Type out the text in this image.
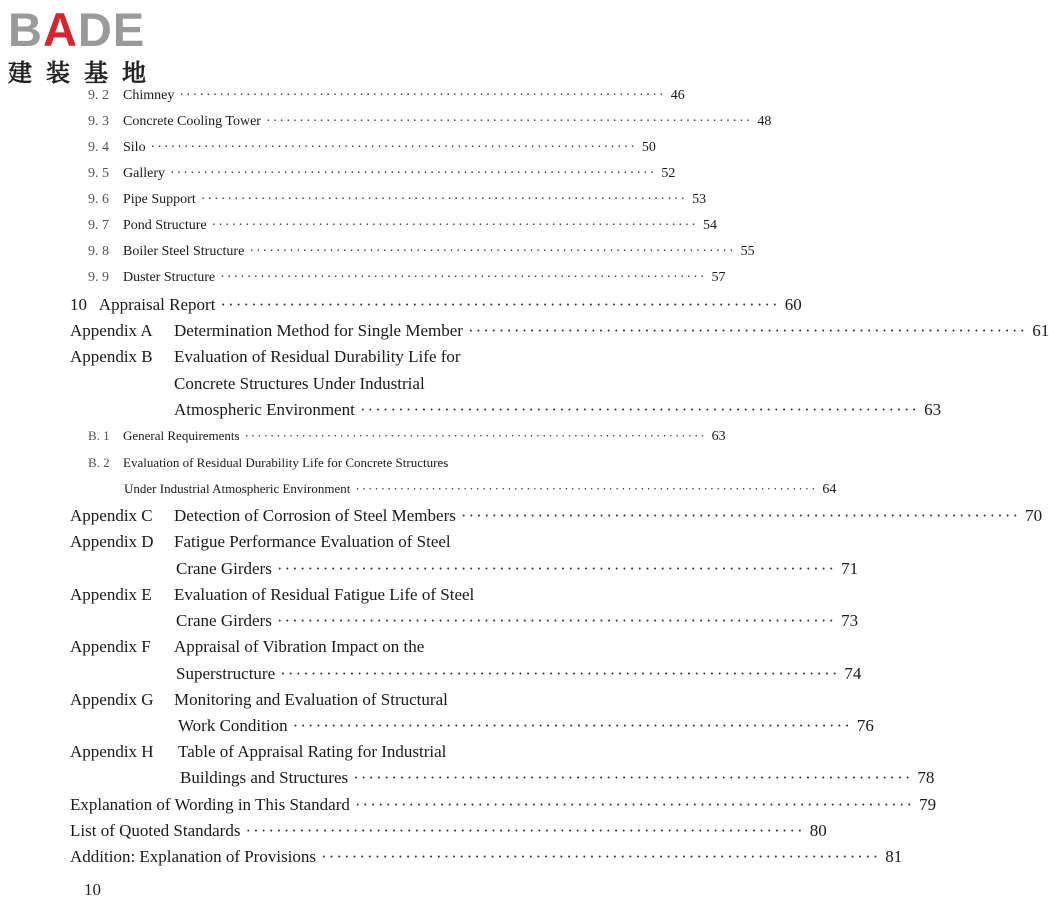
BADE
建装基地
9. 2	Chimney ········································································· 46
9. 3	Concrete Cooling Tower ········································································· 48
9. 4	Silo ········································································· 50
9. 5	Gallery ········································································· 52
9. 6	Pipe Support ········································································· 53
9. 7	Pond Structure ········································································· 54
9. 8	Boiler Steel Structure ········································································· 55
9. 9	Duster Structure ········································································· 57
10   Appraisal Report ········································································· 60
Appendix A	Determination Method for Single Member ········································································· 61
Appendix B	Evaluation of Residual Durability Life for
Concrete Structures Under Industrial
Atmospheric Environment ········································································· 63
B. 1	General Requirements ········································································· 63
B. 2	Evaluation of Residual Durability Life for Concrete Structures
Under Industrial Atmospheric Environment ········································································· 64
Appendix C	Detection of Corrosion of Steel Members ········································································· 70
Appendix D	Fatigue Performance Evaluation of Steel
Crane Girders ········································································· 71
Appendix E	Evaluation of Residual Fatigue Life of Steel
Crane Girders ········································································· 73
Appendix F	Appraisal of Vibration Impact on the
Superstructure ········································································· 74
Appendix G	Monitoring and Evaluation of Structural
Work Condition ········································································· 76
Appendix H	Table of Appraisal Rating for Industrial
Buildings and Structures ········································································· 78
Explanation of Wording in This Standard ········································································· 79
List of Quoted Standards ········································································· 80
Addition: Explanation of Provisions ········································································· 81
10
